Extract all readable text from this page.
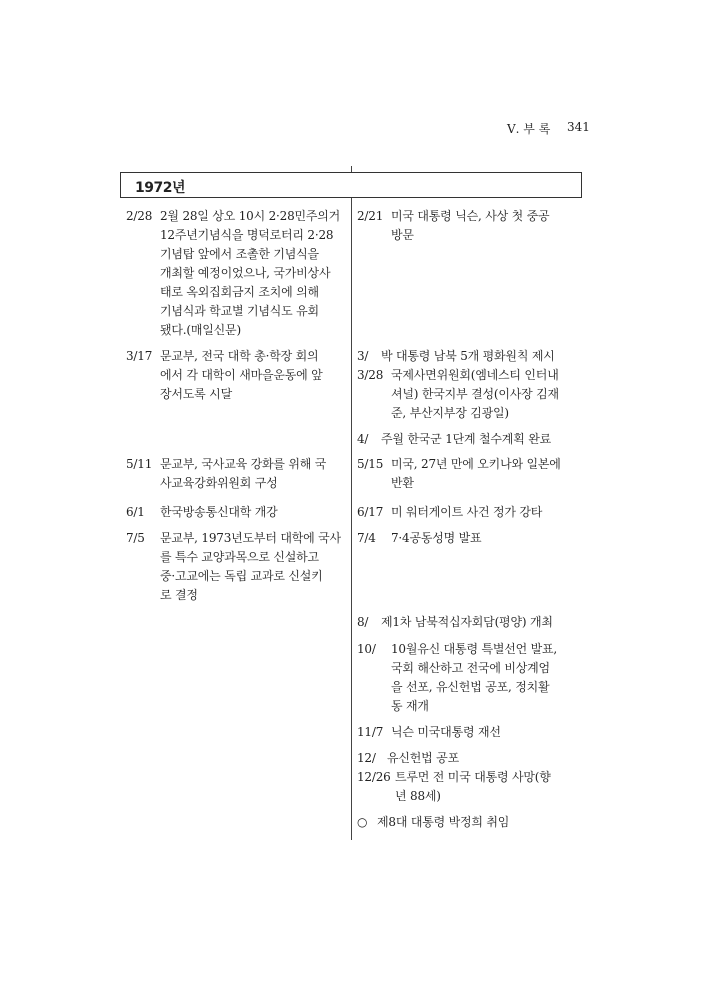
Ⅴ. 부 록 341
1972년
2/28 2월 28일 상오 10시 2·28민주의거
12주년기념식을 명덕로터리 2·28
기념탑 앞에서 조촐한 기념식을
개최할 예정이었으나, 국가비상사
태로 옥외집회금지 조치에 의해
기념식과 학교별 기념식도 유회
됐다.(매일신문)
3/17 문교부, 전국 대학 총·학장 회의
에서 각 대학이 새마을운동에 앞
장서도록 시달
5/11 문교부, 국사교육 강화를 위해 국
사교육강화위원회 구성
6/1 한국방송통신대학 개강
7/5 문교부, 1973년도부터 대학에 국사
를 특수 교양과목으로 신설하고
중·고교에는 독립 교과로 신설키
로 결정
2/21 미국 대통령 닉슨, 사상 첫 중공
방문
3/ 박 대통령 남북 5개 평화원칙 제시
3/28 국제사면위원회(엠네스티 인터내
셔널) 한국지부 결성(이사장 김재
준, 부산지부장 김광일)
4/ 주월 한국군 1단계 철수계획 완료
5/15 미국, 27년 만에 오키나와 일본에
반환
6/17 미 워터게이트 사건 정가 강타
7/4 7·4공동성명 발표
8/ 제1차 남북적십자회담(평양) 개최
10/ 10월유신 대통령 특별선언 발표,
국회 해산하고 전국에 비상계엄
을 선포, 유신헌법 공포, 정치활
동 재개
11/7 닉슨 미국대통령 재선
12/ 유신헌법 공포
12/26 트루먼 전 미국 대통령 사망(향
년 88세)
○ 제8대 대통령 박정희 취임
